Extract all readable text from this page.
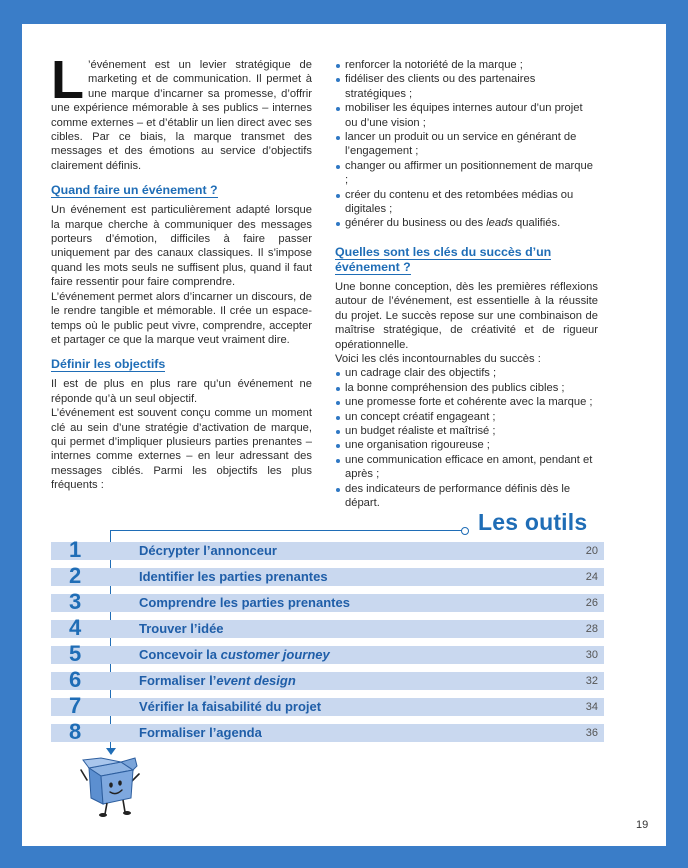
L ’événement est un levier stratégique de marketing et de communication. Il permet à une marque d’incarner sa promesse, d’offrir une expérience mémorable à ses publics – internes comme externes – et d’établir un lien direct avec ses cibles. Par ce biais, la marque transmet des messages et des émotions au service d’objectifs clairement définis.

Quand faire un événement ?

Un événement est particulièrement adapté lorsque la marque cherche à communiquer des messages porteurs d’émotion, difficiles à faire passer uniquement par des canaux classiques. Il s’impose quand les mots seuls ne suffisent plus, quand il faut faire ressentir pour faire comprendre.

L’événement permet alors d’incarner un discours, de le rendre tangible et mémorable. Il crée un espace-temps où le public peut vivre, comprendre, accepter et partager ce que la marque veut vraiment dire.

Définir les objectifs

Il est de plus en plus rare qu’un événement ne réponde qu’à un seul objectif.

L’événement est souvent conçu comme un moment clé au sein d’une stratégie d’activation de marque, qui permet d’impliquer plusieurs parties prenantes – internes comme externes – en leur adressant des messages ciblés. Parmi les objectifs les plus fréquents :

renforcer la notoriété de la marque ;
fidéliser des clients ou des partenaires stratégiques ;
mobiliser les équipes internes autour d’un projet ou d’une vision ;
lancer un produit ou un service en générant de l’engagement ;
changer ou affirmer un positionnement de marque ;
créer du contenu et des retombées médias ou digitales ;
générer du business ou des leads qualifiés.
Quelles sont les clés du succès d’un événement ?

Une bonne conception, dès les premières réflexions autour de l’événement, est essentielle à la réussite du projet. Le succès repose sur une combinaison de maîtrise stratégique, de créativité et de rigueur opérationnelle.

Voici les clés incontournables du succès :

un cadrage clair des objectifs ;
la bonne compréhension des publics cibles ;
une promesse forte et cohérente avec la marque ;
un concept créatif engageant ;
un budget réaliste et maîtrisé ;
une organisation rigoureuse ;
une communication efficace en amont, pendant et après ;
des indicateurs de performance définis dès le départ.
Les outils
1	Décrypter l’annonceur	20
2	Identifier les parties prenantes	24
3	Comprendre les parties prenantes	26
4	Trouver l’idée	28
5	Concevoir la customer journey	30
6	Formaliser l’event design	32
7	Vérifier la faisabilité du projet	34
8	Formaliser l’agenda	36
19
